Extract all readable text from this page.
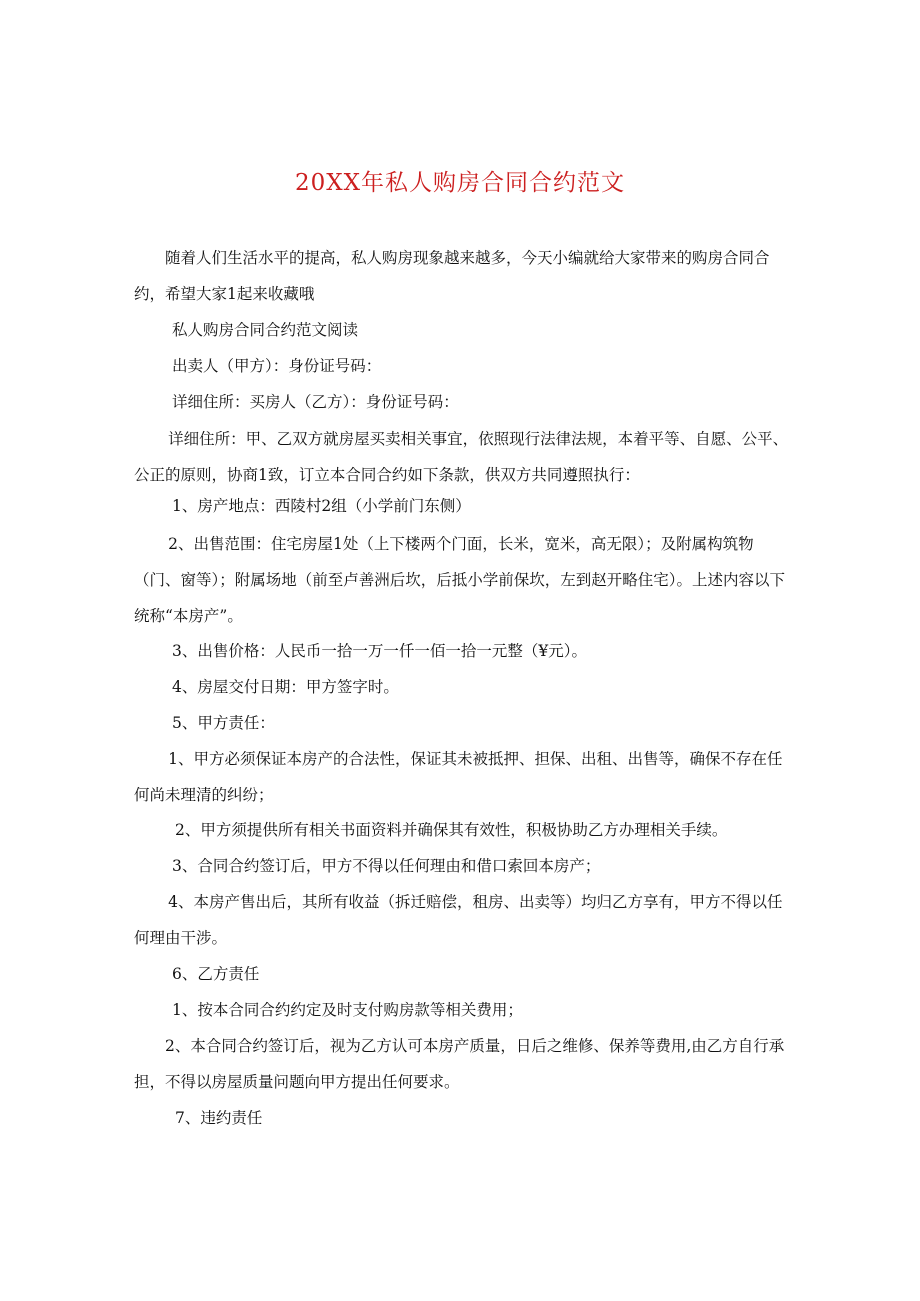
20XX年私人购房合同合约范文

随着人们生活水平的提高，私人购房现象越来越多，今天小编就给大家带来的购房合同合约，希望大家1起来收藏哦

私人购房合同合约范文阅读

出卖人（甲方）：身份证号码：

详细住所：买房人（乙方）：身份证号码：

详细住所：甲、乙双方就房屋买卖相关事宜，依照现行法律法规，本着平等、自愿、公平、公正的原则，协商1致，订立本合同合约如下条款，供双方共同遵照执行：

1、房产地点：西陵村2组（小学前门东侧）

2、出售范围：住宅房屋1处（上下楼两个门面，长米，宽米，高无限）；及附属构筑物（门、窗等）；附属场地（前至卢善洲后坎，后抵小学前保坎，左到赵开略住宅）。上述内容以下统称“本房产”。

3、出售价格：人民币一拾一万一仟一佰一拾一元整（¥元）。

4、房屋交付日期：甲方签字时。

5、甲方责任：

1、甲方必须保证本房产的合法性，保证其未被抵押、担保、出租、出售等，确保不存在任何尚未理清的纠纷；

2、甲方须提供所有相关书面资料并确保其有效性，积极协助乙方办理相关手续。

3、合同合约签订后，甲方不得以任何理由和借口索回本房产；

4、本房产售出后，其所有收益（拆迁赔偿，租房、出卖等）均归乙方享有，甲方不得以任何理由干涉。

6、乙方责任

1、按本合同合约约定及时支付购房款等相关费用；

2、本合同合约签订后，视为乙方认可本房产质量，日后之维修、保养等费用,由乙方自行承担，不得以房屋质量问题向甲方提出任何要求。

7、违约责任
